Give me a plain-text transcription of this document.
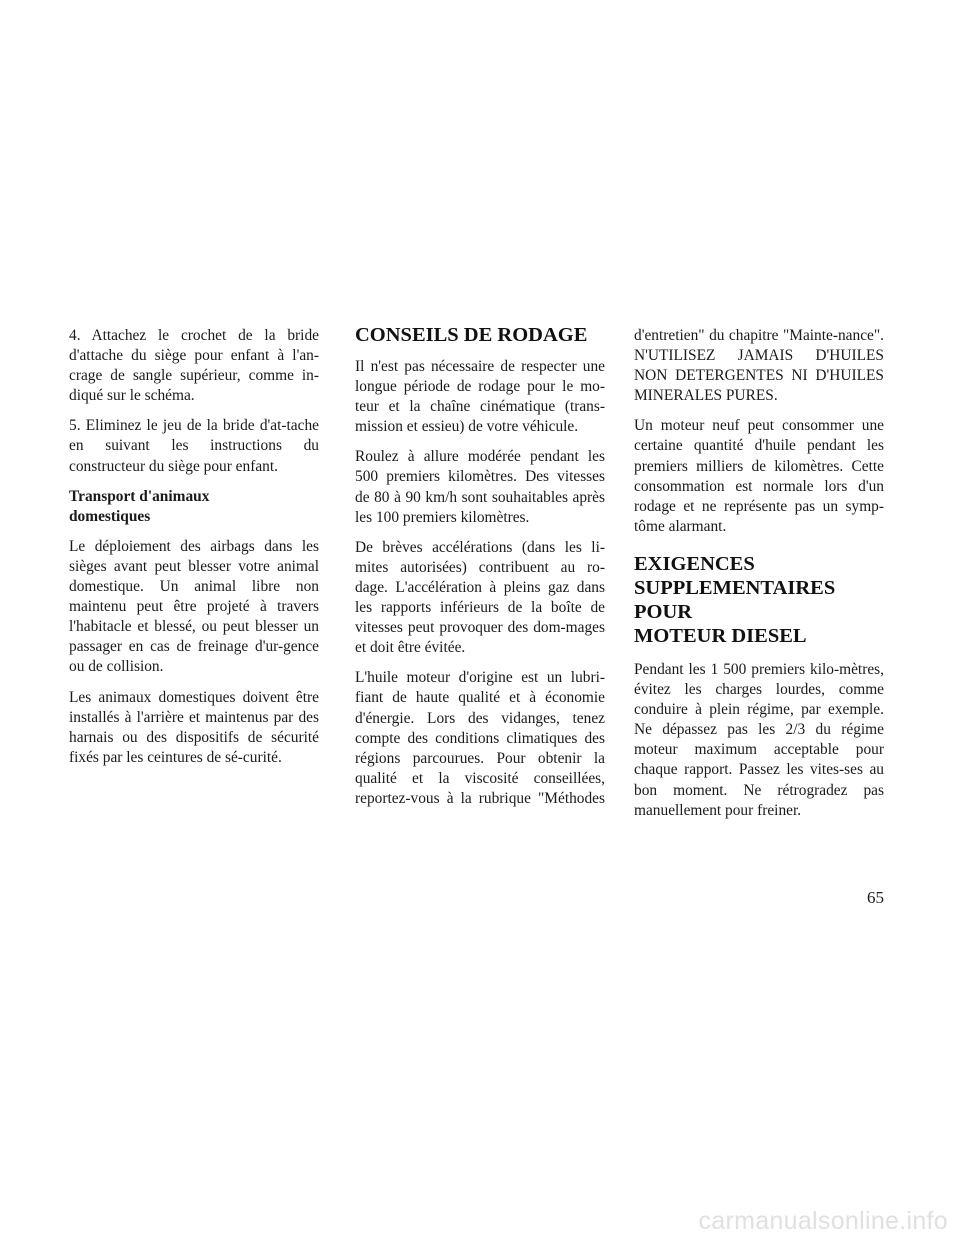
4. Attachez le crochet de la bride d'attache du siège pour enfant à l'an-crage de sangle supérieur, comme in-diqué sur le schéma.

5. Eliminez le jeu de la bride d'at-tache en suivant les instructions du constructeur du siège pour enfant.

Transport d'animaux
domestiques

Le déploiement des airbags dans les sièges avant peut blesser votre animal domestique. Un animal libre non maintenu peut être projeté à travers l'habitacle et blessé, ou peut blesser un passager en cas de freinage d'ur-gence ou de collision.

Les animaux domestiques doivent être installés à l'arrière et maintenus par des harnais ou des dispositifs de sécurité fixés par les ceintures de sé-curité.

CONSEILS DE RODAGE

Il n'est pas nécessaire de respecter une longue période de rodage pour le mo-teur et la chaîne cinématique (trans-mission et essieu) de votre véhicule.

Roulez à allure modérée pendant les 500 premiers kilomètres. Des vitesses de 80 à 90 km/h sont souhaitables après les 100 premiers kilomètres.

De brèves accélérations (dans les li-mites autorisées) contribuent au ro-dage. L'accélération à pleins gaz dans les rapports inférieurs de la boîte de vitesses peut provoquer des dom-mages et doit être évitée.

L'huile moteur d'origine est un lubri-fiant de haute qualité et à économie d'énergie. Lors des vidanges, tenez compte des conditions climatiques des régions parcourues. Pour obtenir la qualité et la viscosité conseillées, reportez-vous à la rubrique "Méthodes

d'entretien" du chapitre "Mainte-nance". N'UTILISEZ JAMAIS D'HUILES NON DETERGENTES NI D'HUILES MINERALES PURES.

Un moteur neuf peut consommer une certaine quantité d'huile pendant les premiers milliers de kilomètres. Cette consommation est normale lors d'un rodage et ne représente pas un symp-tôme alarmant.

EXIGENCES
SUPPLEMENTAIRES POUR
MOTEUR DIESEL

Pendant les 1 500 premiers kilo-mètres, évitez les charges lourdes, comme conduire à plein régime, par exemple. Ne dépassez pas les 2/3 du régime moteur maximum acceptable pour chaque rapport. Passez les vites-ses au bon moment. Ne rétrogradez pas manuellement pour freiner.

65
carmanualsonline.info
